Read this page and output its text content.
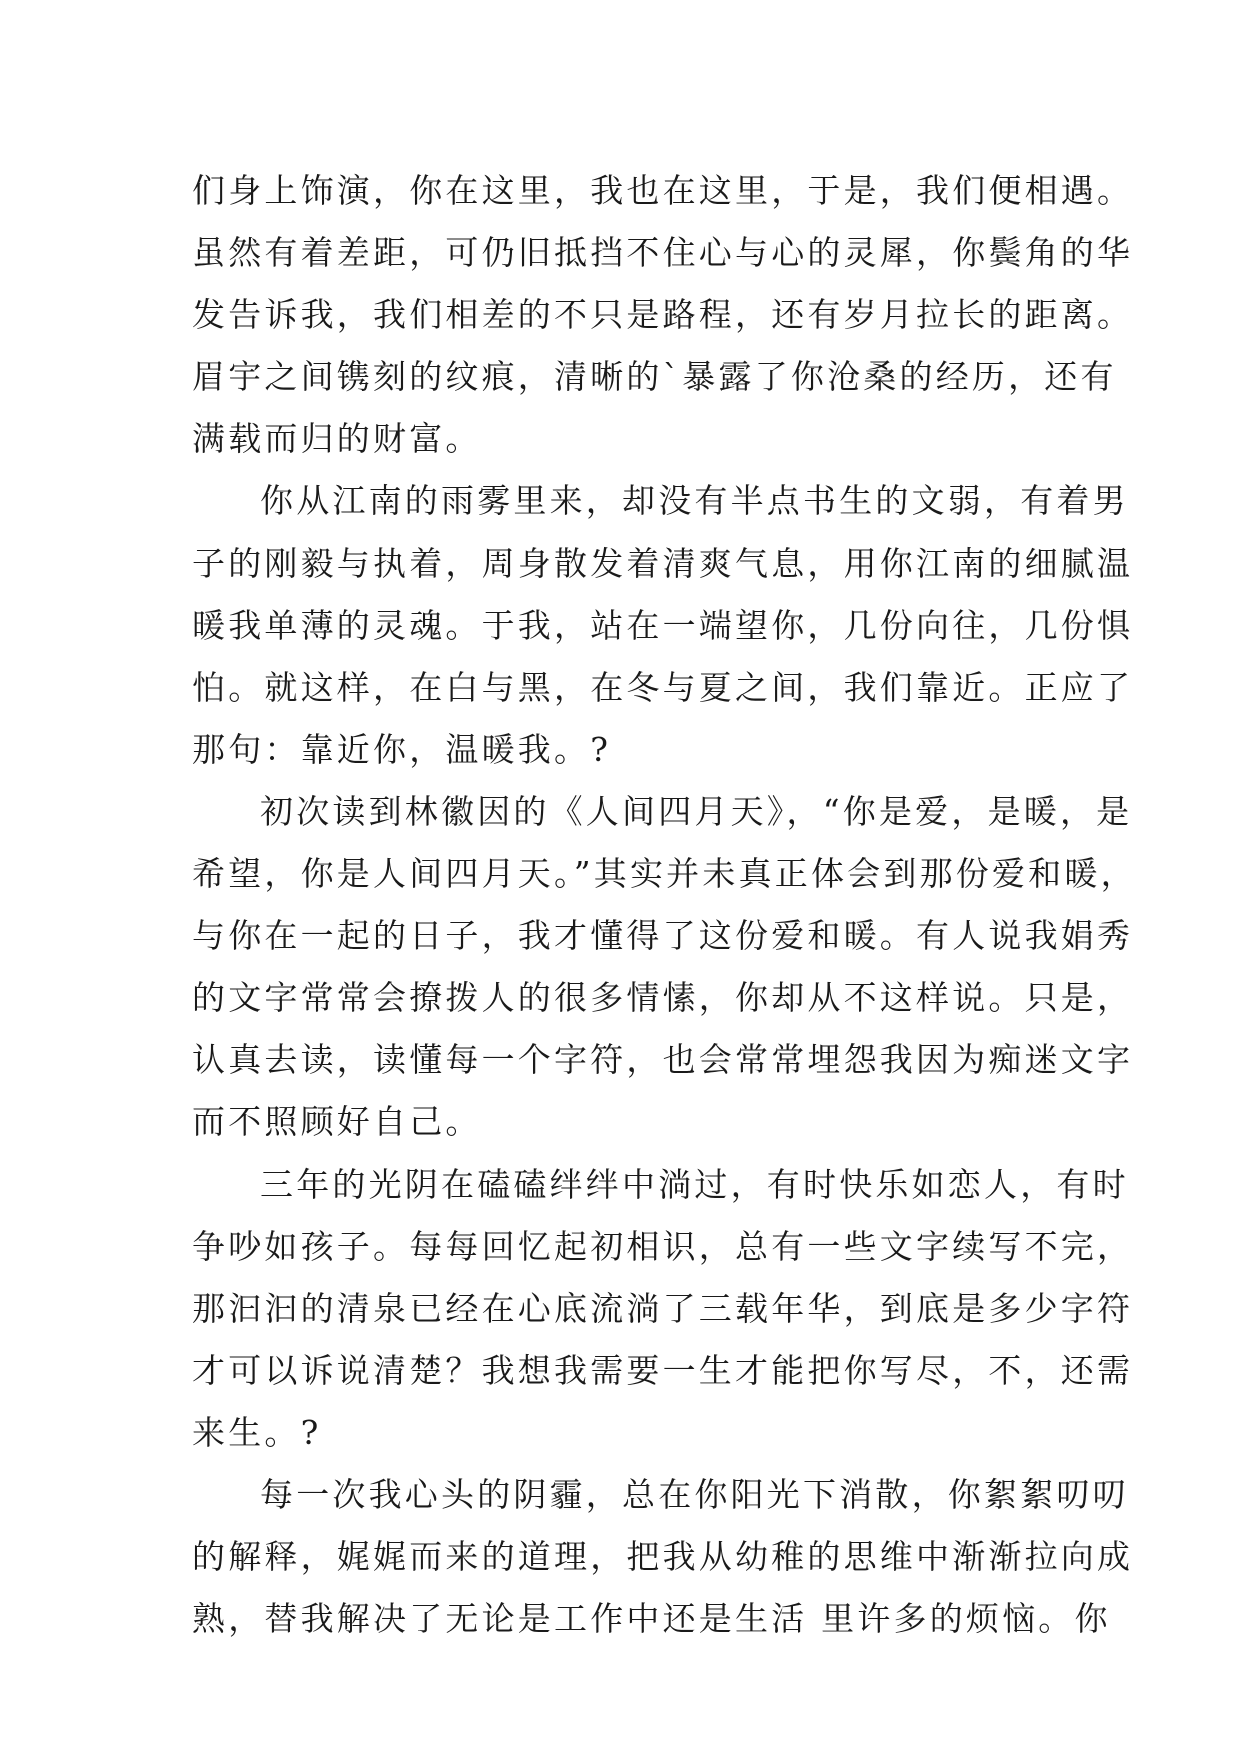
们身上饰演，你在这里，我也在这里，于是，我们便相遇。
虽然有着差距，可仍旧抵挡不住心与心的灵犀，你鬓角的华
发告诉我，我们相差的不只是路程，还有岁月拉长的距离。
眉宇之间镌刻的纹痕，清晰的`暴露了你沧桑的经历，还有
满载而归的财富。
你从江南的雨雾里来，却没有半点书生的文弱，有着男
子的刚毅与执着，周身散发着清爽气息，用你江南的细腻温
暖我单薄的灵魂。于我，站在一端望你，几份向往，几份惧
怕。就这样，在白与黑，在冬与夏之间，我们靠近。正应了
那句：靠近你，温暖我。?
初次读到林徽因的《人间四月天》，“你是爱，是暖，是
希望，你是人间四月天。”其实并未真正体会到那份爱和暖，
与你在一起的日子，我才懂得了这份爱和暖。有人说我娟秀
的文字常常会撩拨人的很多情愫，你却从不这样说。只是，
认真去读，读懂每一个字符，也会常常埋怨我因为痴迷文字
而不照顾好自己。
三年的光阴在磕磕绊绊中淌过，有时快乐如恋人，有时
争吵如孩子。每每回忆起初相识，总有一些文字续写不完，
那汩汩的清泉已经在心底流淌了三载年华，到底是多少字符
才可以诉说清楚？我想我需要一生才能把你写尽，不，还需
来生。?
每一次我心头的阴霾，总在你阳光下消散，你絮絮叨叨
的解释，娓娓而来的道理，把我从幼稚的思维中渐渐拉向成
熟，替我解决了无论是工作中还是生活 里许多的烦恼。你
